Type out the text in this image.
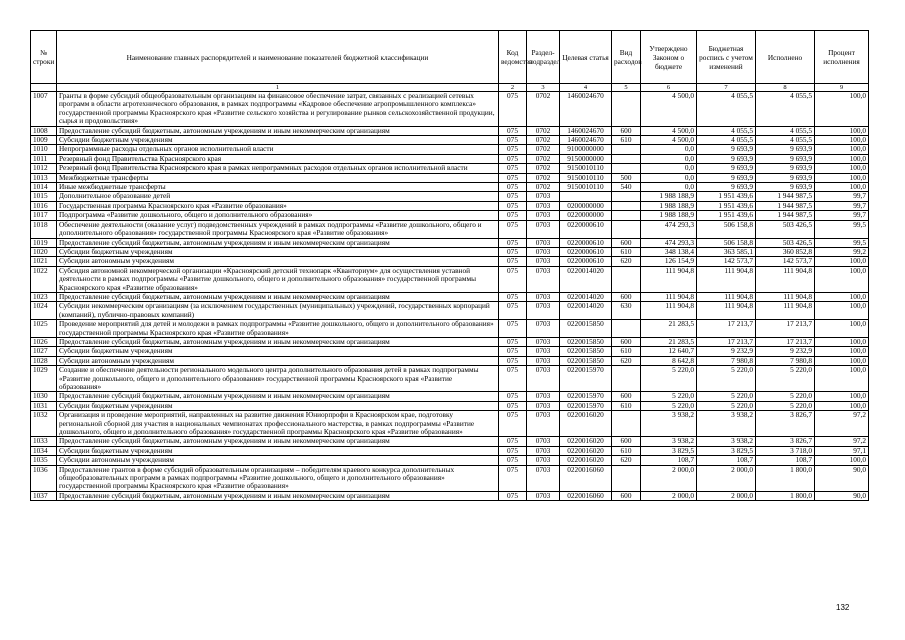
№ строки	Наименование главных распорядителей и наименование показателей бюджетной классификации	Код ведомства	Раздел-подраздел	Целевая статья	Вид расходов	Утверждено Законом о бюджете	Бюджетная роспись с учетом изменений	Исполнено	Процент исполнения
	1	2	3	4	5	6	7	8	9
1007	Гранты в форме субсидий общеобразовательным организациям на финансовое обеспечение затрат, связанных с реализацией сетевых программ в области агротехнического образования, в рамках подпрограммы «Кадровое обеспечение агропромышленного комплекса» государственной программы Красноярского края «Развитие сельского хозяйства и регулирование рынков сельскохозяйственной продукции, сырья и продовольствия»	075	0702	1460024670		4 500,0	4 055,5	4 055,5	100,0
1008	Предоставление субсидий бюджетным, автономным учреждениям и иным некоммерческим организациям	075	0702	1460024670	600	4 500,0	4 055,5	4 055,5	100,0
1009	Субсидии бюджетным учреждениям	075	0702	1460024670	610	4 500,0	4 055,5	4 055,5	100,0
1010	Непрограммные расходы отдельных органов исполнительной власти	075	0702	9100000000		0,0	9 693,9	9 693,9	100,0
1011	Резервный фонд Правительства Красноярского края	075	0702	9150000000		0,0	9 693,9	9 693,9	100,0
1012	Резервный фонд Правительства Красноярского края в рамках непрограммных расходов отдельных органов исполнительной власти	075	0702	9150010110		0,0	9 693,9	9 693,9	100,0
1013	Межбюджетные трансферты	075	0702	9150010110	500	0,0	9 693,9	9 693,9	100,0
1014	Иные межбюджетные трансферты	075	0702	9150010110	540	0,0	9 693,9	9 693,9	100,0
1015	Дополнительное образование детей	075	0703			1 988 188,9	1 951 439,6	1 944 987,5	99,7
1016	Государственная программа Красноярского края «Развитие образования»	075	0703	0200000000		1 988 188,9	1 951 439,6	1 944 987,5	99,7
1017	Подпрограмма «Развитие дошкольного, общего и дополнительного образования»	075	0703	0220000000		1 988 188,9	1 951 439,6	1 944 987,5	99,7
1018	Обеспечение деятельности (оказание услуг) подведомственных учреждений в рамках подпрограммы «Развитие дошкольного, общего и дополнительного образования» государственной программы Красноярского края «Развитие образования»	075	0703	0220000610		474 293,3	506 158,8	503 426,5	99,5
1019	Предоставление субсидий бюджетным, автономным учреждениям и иным некоммерческим организациям	075	0703	0220000610	600	474 293,3	506 158,8	503 426,5	99,5
1020	Субсидии бюджетным учреждениям	075	0703	0220000610	610	348 138,4	363 585,1	360 852,8	99,2
1021	Субсидии автономным учреждениям	075	0703	0220000610	620	126 154,9	142 573,7	142 573,7	100,0
1022	Субсидия автономной некоммерческой организации «Красноярский детский технопарк «Кванториум» для осуществления уставной деятельности в рамках подпрограммы «Развитие дошкольного, общего и дополнительного образования» государственной программы Красноярского края «Развитие образования»	075	0703	0220014020		111 904,8	111 904,8	111 904,8	100,0
1023	Предоставление субсидий бюджетным, автономным учреждениям и иным некоммерческим организациям	075	0703	0220014020	600	111 904,8	111 904,8	111 904,8	100,0
1024	Субсидии некоммерческим организациям (за исключением государственных (муниципальных) учреждений, государственных корпораций (компаний), публично-правовых компаний)	075	0703	0220014020	630	111 904,8	111 904,8	111 904,8	100,0
1025	Проведение мероприятий для детей и молодежи в рамках подпрограммы «Развитие дошкольного, общего и дополнительного образования» государственной программы Красноярского края «Развитие образования»	075	0703	0220015850		21 283,5	17 213,7	17 213,7	100,0
1026	Предоставление субсидий бюджетным, автономным учреждениям и иным некоммерческим организациям	075	0703	0220015850	600	21 283,5	17 213,7	17 213,7	100,0
1027	Субсидии бюджетным учреждениям	075	0703	0220015850	610	12 640,7	9 232,9	9 232,9	100,0
1028	Субсидии автономным учреждениям	075	0703	0220015850	620	8 642,8	7 980,8	7 980,8	100,0
1029	Создание и обеспечение деятельности регионального модельного центра дополнительного образования детей в рамках подпрограммы «Развитие дошкольного, общего и дополнительного образования» государственной программы Красноярского края «Развитие образования»	075	0703	0220015970		5 220,0	5 220,0	5 220,0	100,0
1030	Предоставление субсидий бюджетным, автономным учреждениям и иным некоммерческим организациям	075	0703	0220015970	600	5 220,0	5 220,0	5 220,0	100,0
1031	Субсидии бюджетным учреждениям	075	0703	0220015970	610	5 220,0	5 220,0	5 220,0	100,0
1032	Организация и проведение мероприятий, направленных на развитие движения Юниорпрофи в Красноярском крае, подготовку региональной сборной для участия в национальных чемпионатах профессионального мастерства, в рамках подпрограммы «Развитие дошкольного, общего и дополнительного образования» государственной программы Красноярского края «Развитие образования»	075	0703	0220016020		3 938,2	3 938,2	3 826,7	97,2
1033	Предоставление субсидий бюджетным, автономным учреждениям и иным некоммерческим организациям	075	0703	0220016020	600	3 938,2	3 938,2	3 826,7	97,2
1034	Субсидии бюджетным учреждениям	075	0703	0220016020	610	3 829,5	3 829,5	3 718,0	97,1
1035	Субсидии автономным учреждениям	075	0703	0220016020	620	108,7	108,7	108,7	100,0
1036	Предоставление грантов в форме субсидий образовательным организациям – победителям краевого конкурса дополнительных общеобразовательных программ в рамках подпрограммы «Развитие дошкольного, общего и дополнительного образования» государственной программы Красноярского края «Развитие образования»	075	0703	0220016060		2 000,0	2 000,0	1 800,0	90,0
1037	Предоставление субсидий бюджетным, автономным учреждениям и иным некоммерческим организациям	075	0703	0220016060	600	2 000,0	2 000,0	1 800,0	90,0
132
